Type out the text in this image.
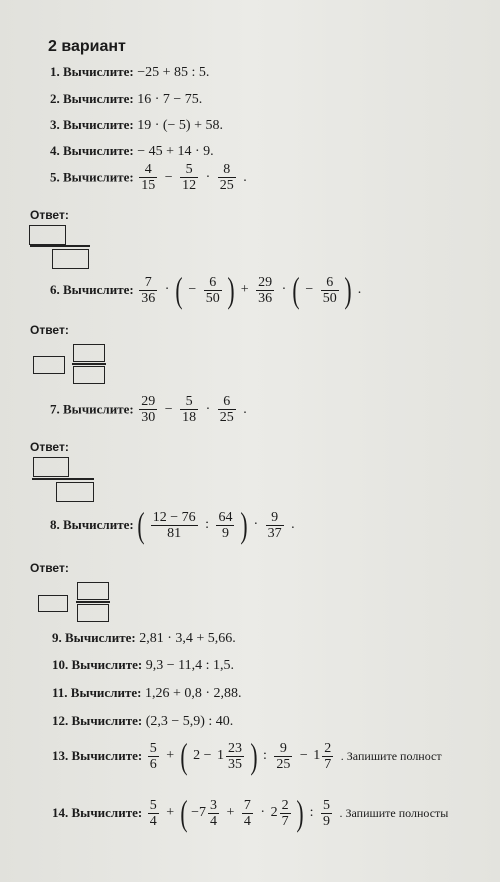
2 вариант
1. Вычислите: −25 + 85 : 5.
2. Вычислите: 16 · 7 − 75.
3. Вычислите: 19 · (− 5) + 58.
4. Вычислите: − 45 + 14 · 9.
5. Вычислите: $\frac{4}{15} - \frac{5}{12} \cdot \frac{8}{25}$ .
Ответ:
6. Вычислите: $\frac{7}{36}$ · ( − $\frac{6}{50}$ ) + $\frac{29}{36}$ · ( − $\frac{6}{50}$ ) .
Ответ:
7. Вычислите: $\frac{29}{30} - \frac{5}{18} \cdot \frac{6}{25}$ .
Ответ:
8. Вычислите: ( $\frac{12 - 76}{81}$ : $\frac{64}{9}$ ) · $\frac{9}{37}$ .
Ответ:
9. Вычислите: 2,81 · 3,4 + 5,66.
10. Вычислите: 9,3 − 11,4 : 1,5.
11. Вычислите: 1,26 + 0,8 · 2,88.
12. Вычислите: (2,3 − 5,9) : 40.
13. Вычислите: $\frac{5}{6}$ + ( $2 - 1 \frac{23}{35}$ ) : $\frac{9}{25} - 1 \frac{2}{7}$ . Запишите полност
14. Вычислите: $\frac{5}{4}$ + ( $-7 \frac{3}{4} + \frac{7}{4} \cdot 2 \frac{2}{7}$ ) : $\frac{5}{9}$ . Запишите полносты
